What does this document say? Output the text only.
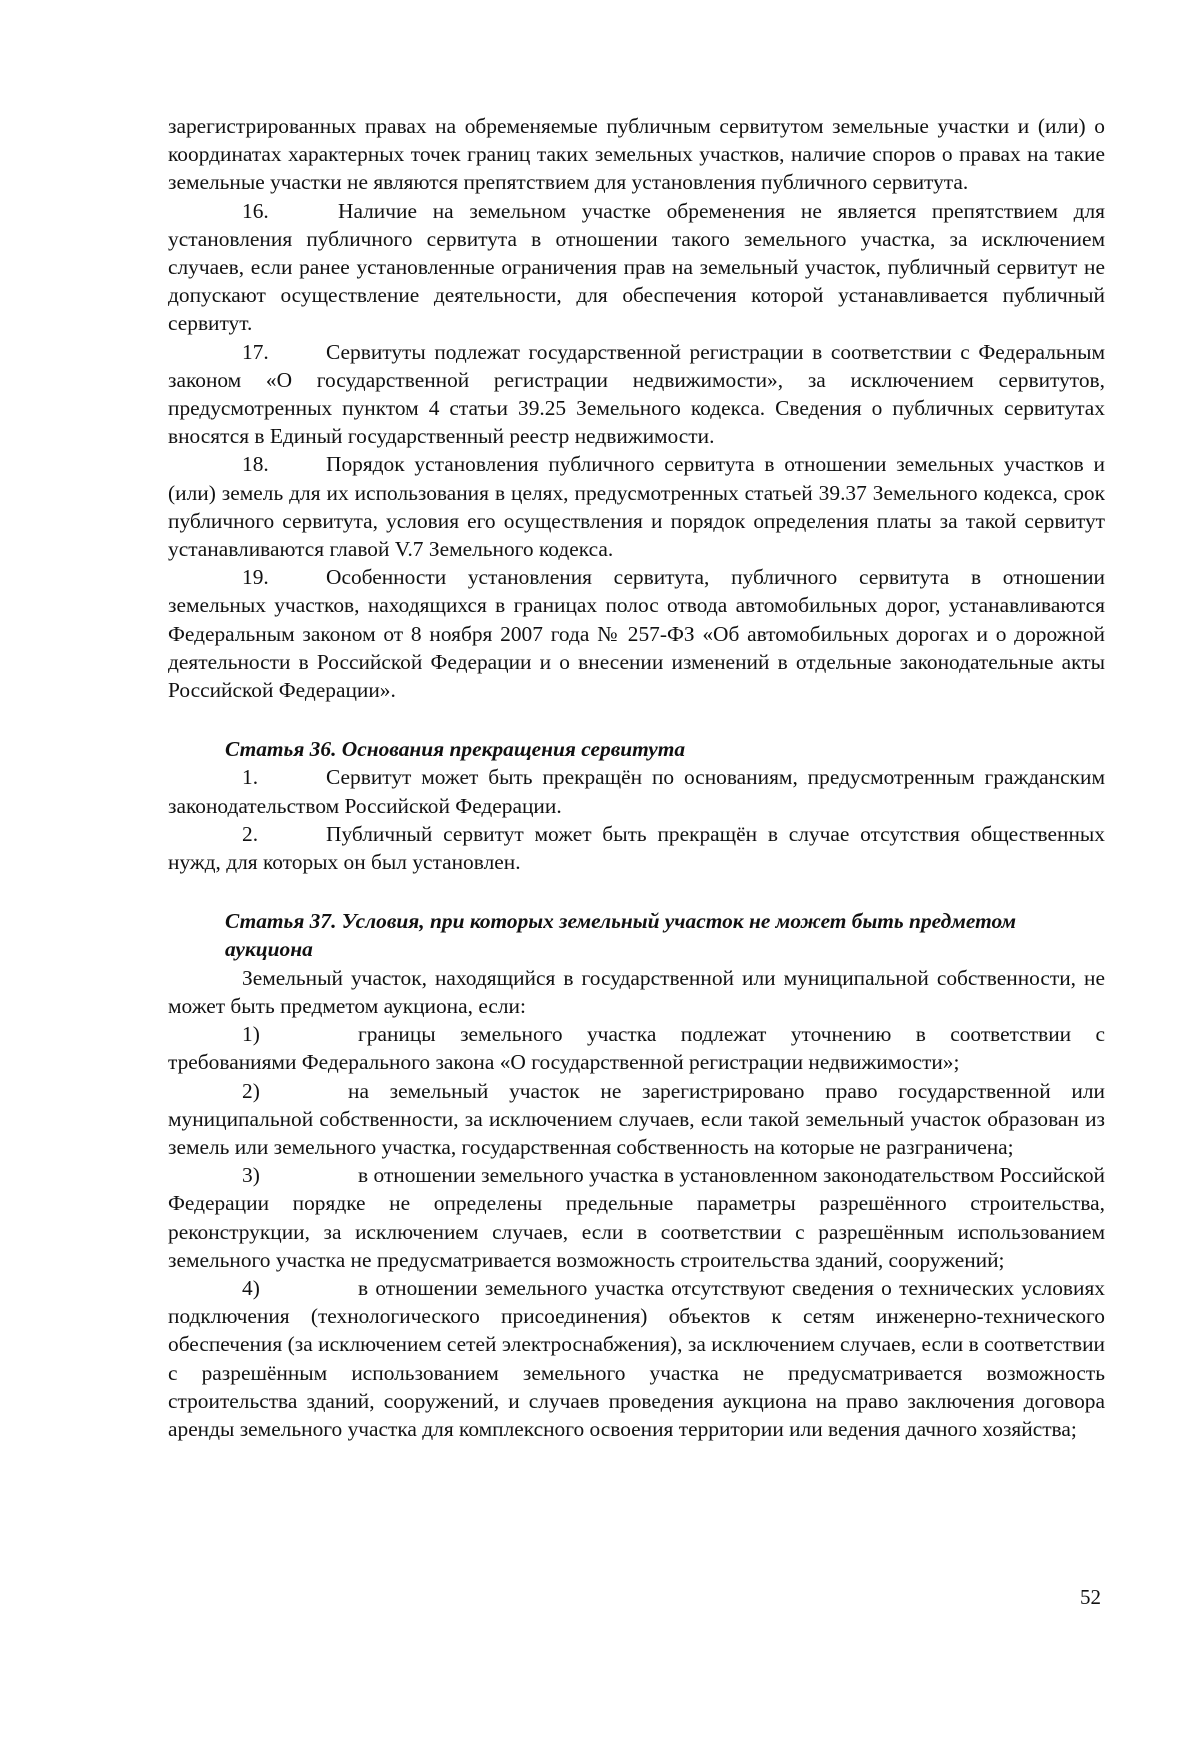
зарегистрированных правах на обременяемые публичным сервитутом земельные участки и (или) о координатах характерных точек границ таких земельных участков, наличие споров о правах на такие земельные участки не являются препятствием для установления публичного сервитута.

16.	Наличие на земельном участке обременения не является препятствием для установления публичного сервитута в отношении такого земельного участка, за исключением случаев, если ранее установленные ограничения прав на земельный участок, публичный сервитут не допускают осуществление деятельности, для обеспечения которой устанавливается публичный сервитут.

17.	Сервитуты подлежат государственной регистрации в соответствии с Федеральным законом «О государственной регистрации недвижимости», за исключением сервитутов, предусмотренных пунктом 4 статьи 39.25 Земельного кодекса. Сведения о публичных сервитутах вносятся в Единый государственный реестр недвижимости.

18.	Порядок установления публичного сервитута в отношении земельных участков и (или) земель для их использования в целях, предусмотренных статьей 39.37 Земельного кодекса, срок публичного сервитута, условия его осуществления и порядок определения платы за такой сервитут устанавливаются главой V.7 Земельного кодекса.

19.	Особенности установления сервитута, публичного сервитута в отношении земельных участков, находящихся в границах полос отвода автомобильных дорог, устанавливаются Федеральным законом от 8 ноября 2007 года № 257-ФЗ «Об автомобильных дорогах и о дорожной деятельности в Российской Федерации и о внесении изменений в отдельные законодательные акты Российской Федерации».

Статья 36. Основания прекращения сервитута

1.	Сервитут может быть прекращён по основаниям, предусмотренным гражданским законодательством Российской Федерации.

2.	Публичный сервитут может быть прекращён в случае отсутствия общественных нужд, для которых он был установлен.

Статья 37. Условия, при которых земельный участок не может быть предметом аукциона

Земельный участок, находящийся в государственной или муниципальной собственности, не может быть предметом аукциона, если:

1)	границы земельного участка подлежат уточнению в соответствии с требованиями Федерального закона «О государственной регистрации недвижимости»;

2)	на земельный участок не зарегистрировано право государственной или муниципальной собственности, за исключением случаев, если такой земельный участок образован из земель или земельного участка, государственная собственность на которые не разграничена;

3)	в отношении земельного участка в установленном законодательством Российской Федерации порядке не определены предельные параметры разрешённого строительства, реконструкции, за исключением случаев, если в соответствии с разрешённым использованием земельного участка не предусматривается возможность строительства зданий, сооружений;

4)	в отношении земельного участка отсутствуют сведения о технических условиях подключения (технологического присоединения) объектов к сетям инженерно-технического обеспечения (за исключением сетей электроснабжения), за исключением случаев, если в соответствии с разрешённым использованием земельного участка не предусматривается возможность строительства зданий, сооружений, и случаев проведения аукциона на право заключения договора аренды земельного участка для комплексного освоения территории или ведения дачного хозяйства;

52
